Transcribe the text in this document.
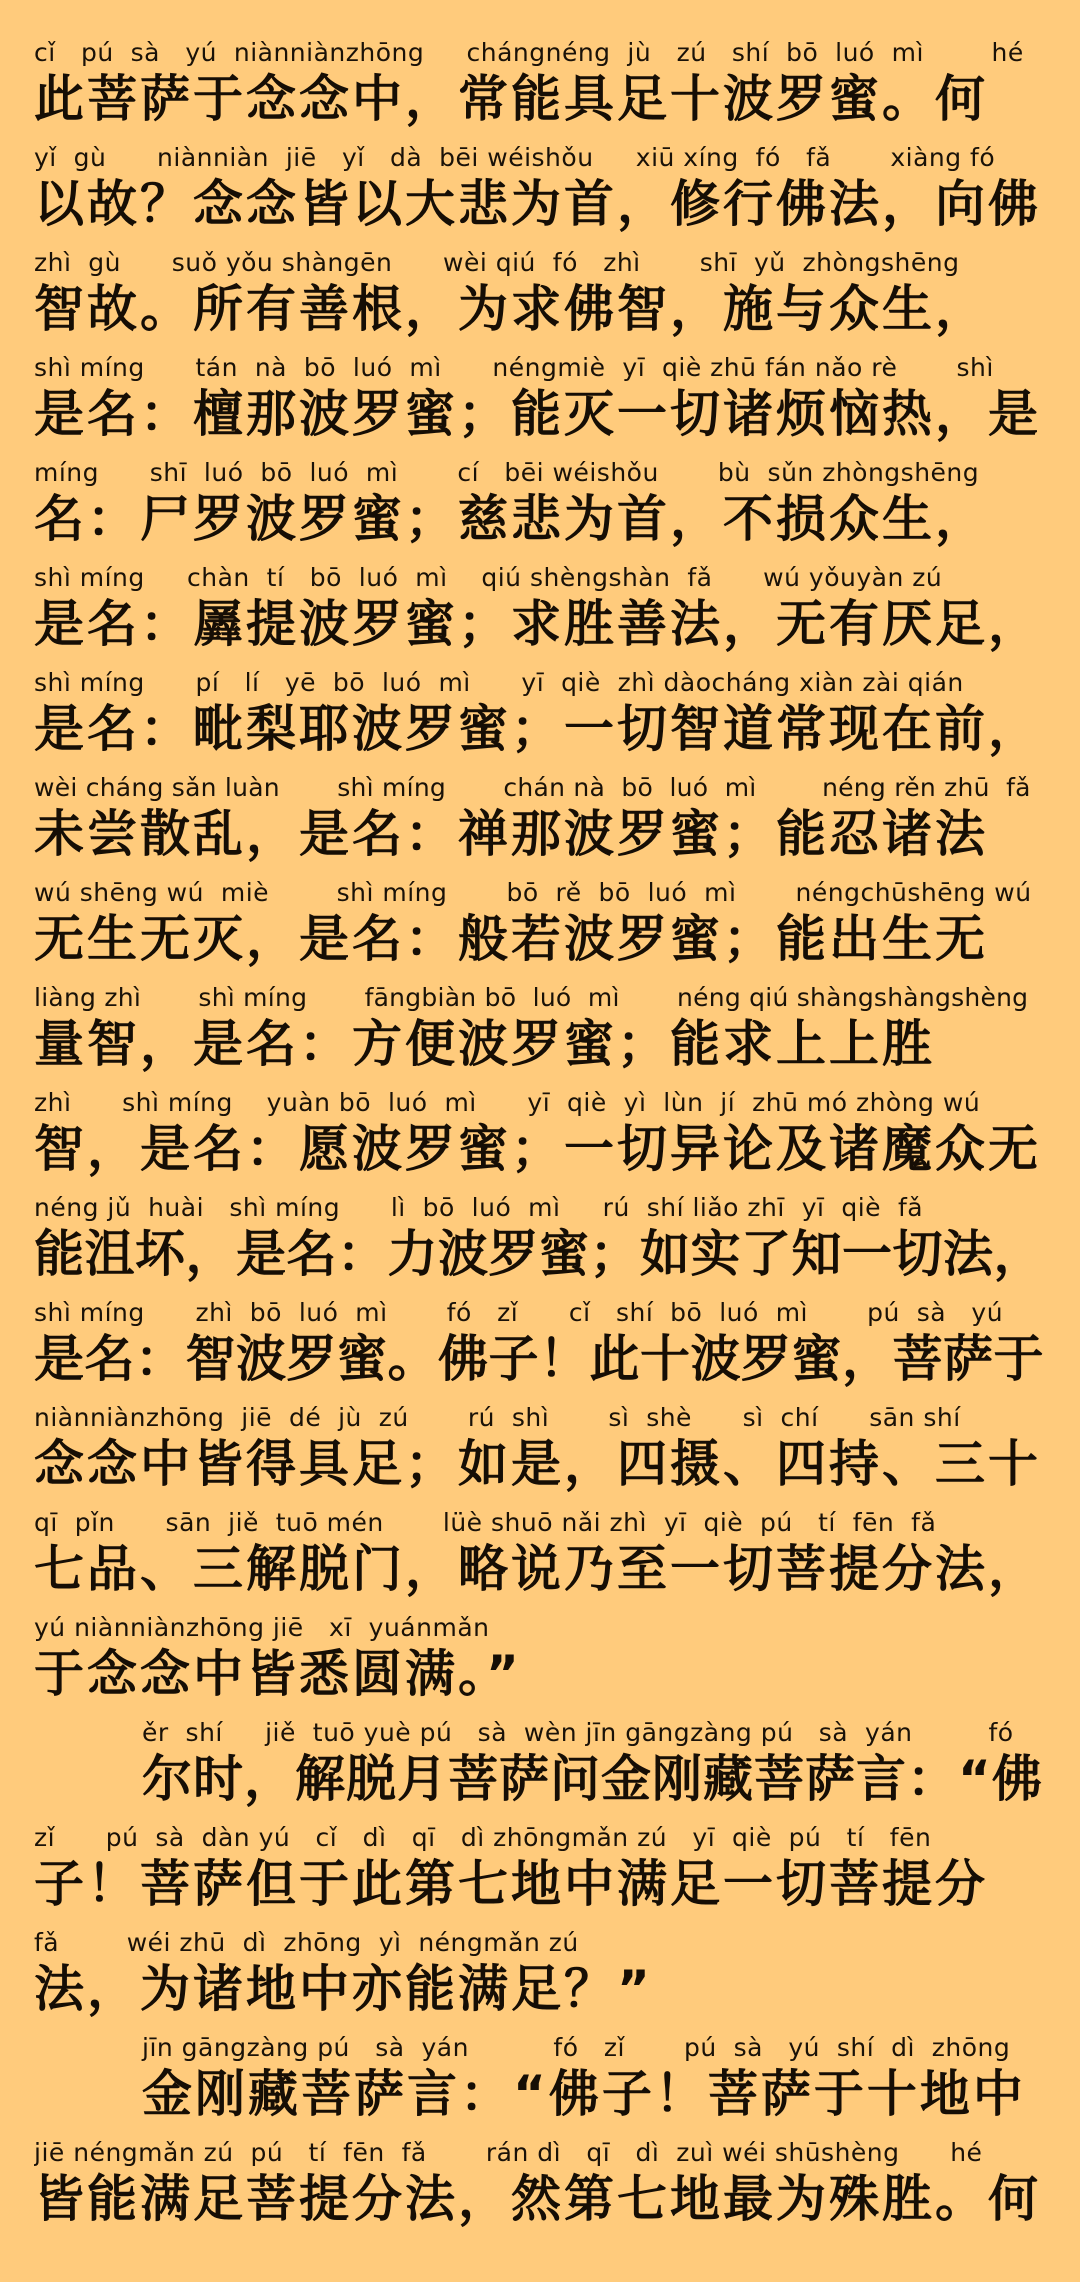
cǐ   pú  sà   yú  niànniànzhōng     chángnéng  jù   zú   shí  bō  luó  mì        hé
此菩萨于念念中，常能具足十波罗蜜。何
yǐ  gù      niànniàn  jiē   yǐ   dà  bēi wéishǒu     xiū xíng  fó   fǎ       xiàng fó
以故？念念皆以大悲为首，修行佛法，向佛
zhì  gù      suǒ yǒu shàngēn      wèi qiú  fó   zhì       shī  yǔ  zhòngshēng
智故。所有善根，为求佛智，施与众生，
shì míng      tán  nà  bō  luó  mì      néngmiè  yī  qiè zhū fán nǎo rè       shì
是名：檀那波罗蜜；能灭一切诸烦恼热，是
míng      shī  luó  bō  luó  mì       cí   bēi wéishǒu       bù  sǔn zhòngshēng
名：尸罗波罗蜜；慈悲为首，不损众生，
shì míng     chàn  tí   bō  luó  mì    qiú shèngshàn  fǎ      wú yǒuyàn zú
是名：羼提波罗蜜；求胜善法，无有厌足，
shì míng      pí   lí   yē  bō  luó  mì      yī  qiè  zhì dàocháng xiàn zài qián
是名：毗梨耶波罗蜜；一切智道常现在前，
wèi cháng sǎn luàn       shì míng       chán nà  bō  luó  mì        néng rěn zhū  fǎ
未尝散乱，是名：禅那波罗蜜；能忍诸法
wú shēng wú  miè        shì míng       bō  rě  bō  luó  mì       néngchūshēng wú
无生无灭，是名：般若波罗蜜；能出生无
liàng zhì       shì míng       fāngbiàn bō  luó  mì       néng qiú shàngshàngshèng
量智，是名：方便波罗蜜；能求上上胜
zhì      shì míng    yuàn bō  luó  mì      yī  qiè  yì  lùn  jí  zhū mó zhòng wú
智，是名：愿波罗蜜；一切异论及诸魔众无
néng jǔ  huài   shì míng      lì  bō  luó  mì     rú  shí liǎo zhī  yī  qiè  fǎ
能沮坏，是名：力波罗蜜；如实了知一切法，
shì míng      zhì  bō  luó  mì       fó   zǐ      cǐ   shí  bō  luó  mì       pú  sà   yú
是名：智波罗蜜。佛子！此十波罗蜜，菩萨于
niànniànzhōng  jiē  dé  jù  zú       rú  shì       sì  shè      sì  chí      sān shí
念念中皆得具足；如是，四摄、四持、三十
qī  pǐn      sān  jiě  tuō mén       lüè shuō nǎi zhì  yī  qiè  pú   tí  fēn  fǎ
七品、三解脱门，略说乃至一切菩提分法，
yú niànniànzhōng jiē   xī  yuánmǎn
于念念中皆悉圆满。”
ěr  shí     jiě  tuō yuè pú   sà  wèn jīn gāngzàng pú   sà  yán         fó
尔时，解脱月菩萨问金刚藏菩萨言：“佛
zǐ      pú  sà  dàn yú   cǐ   dì   qī   dì zhōngmǎn zú   yī  qiè  pú   tí   fēn
子！菩萨但于此第七地中满足一切菩提分
fǎ        wéi zhū  dì  zhōng  yì  néngmǎn zú
法，为诸地中亦能满足？”
jīn gāngzàng pú   sà  yán          fó   zǐ       pú  sà   yú  shí  dì  zhōng
金刚藏菩萨言：“佛子！菩萨于十地中
jiē néngmǎn zú  pú   tí  fēn  fǎ       rán dì   qī   dì  zuì wéi shūshèng      hé
皆能满足菩提分法，然第七地最为殊胜。何
